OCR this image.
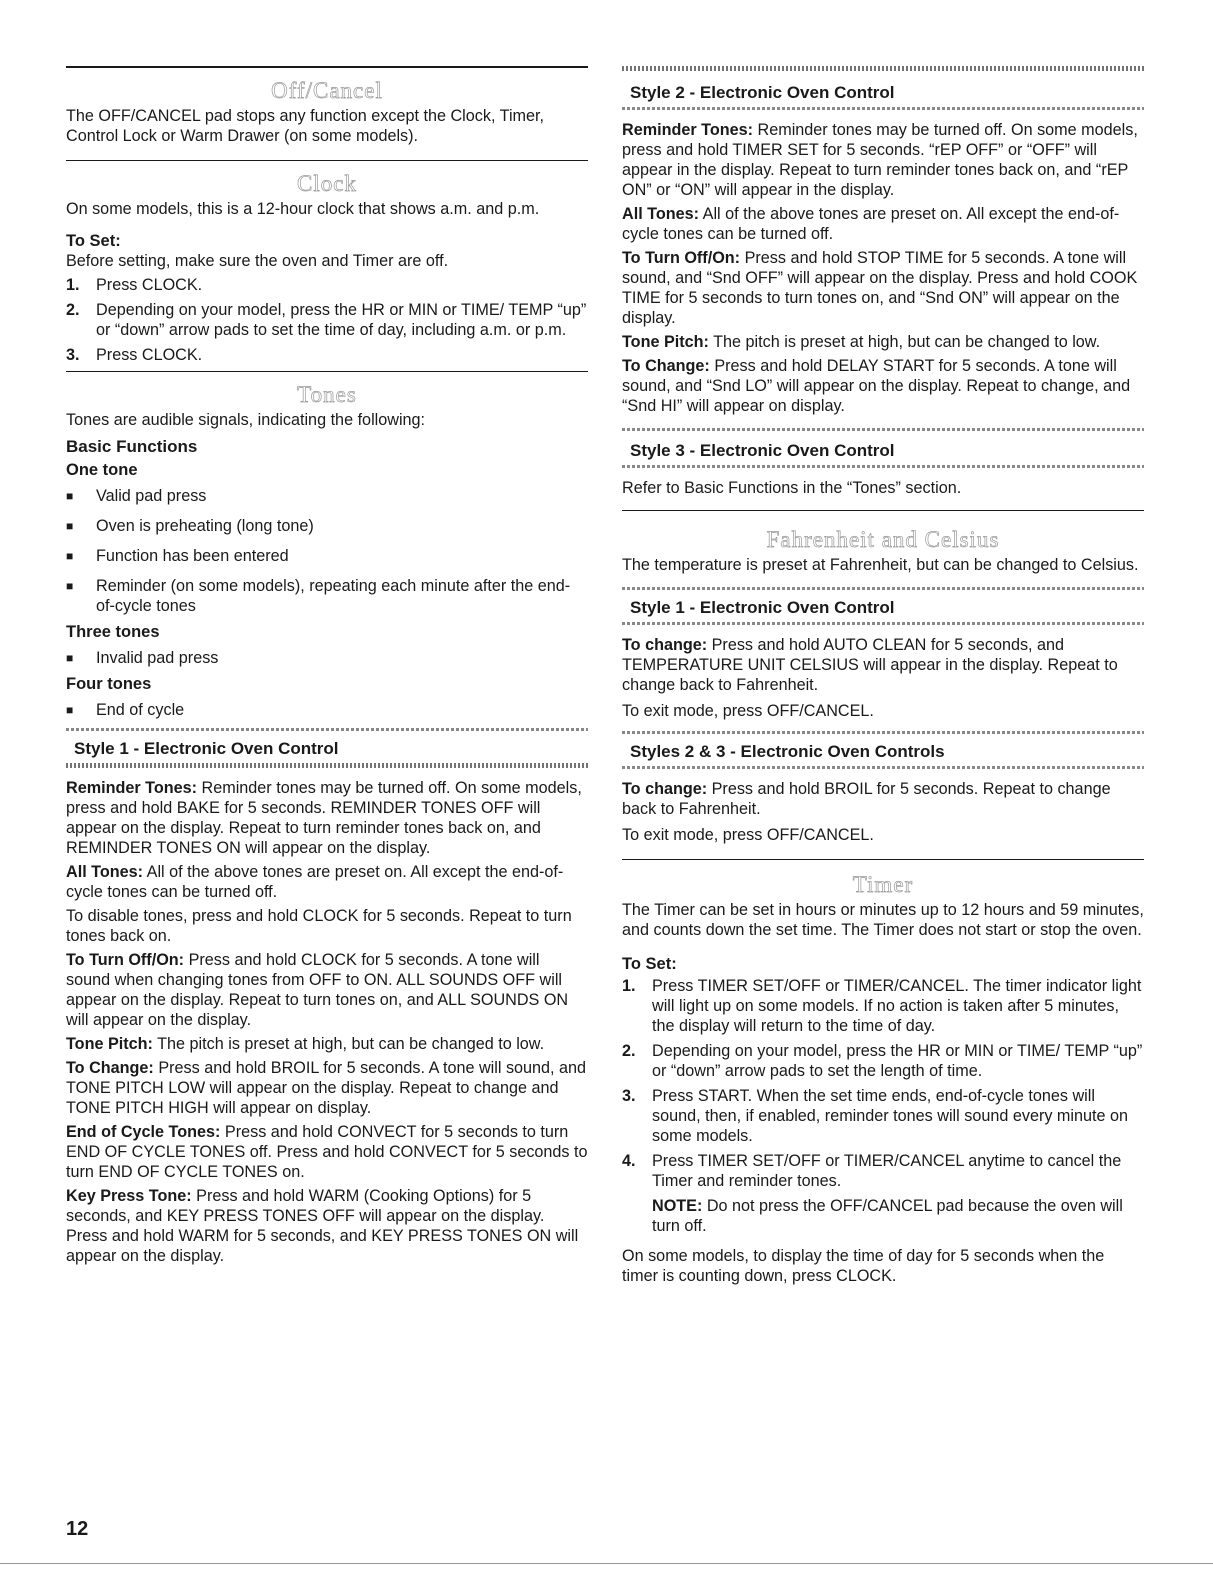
Off/Cancel

The OFF/CANCEL pad stops any function except the Clock, Timer, Control Lock or Warm Drawer (on some models).

Clock

On some models, this is a 12-hour clock that shows a.m. and p.m.

To Set:

Before setting, make sure the oven and Timer are off.

1.	Press CLOCK.
2.	Depending on your model, press the HR or MIN or TIME/ TEMP “up” or “down” arrow pads to set the time of day, including a.m. or p.m.
3.	Press CLOCK.
Tones

Tones are audible signals, indicating the following:

Basic Functions
One tone
■	Valid pad press
■	Oven is preheating (long tone)
■	Function has been entered
■	Reminder (on some models), repeating each minute after the end-of-cycle tones
Three tones
■	Invalid pad press
Four tones
■	End of cycle
Style 1 - Electronic Oven Control

Reminder Tones: Reminder tones may be turned off. On some models, press and hold BAKE for 5 seconds. REMINDER TONES OFF will appear on the display. Repeat to turn reminder tones back on, and REMINDER TONES ON will appear on the display.

All Tones: All of the above tones are preset on. All except the end-of-cycle tones can be turned off.

To disable tones, press and hold CLOCK for 5 seconds. Repeat to turn tones back on.

To Turn Off/On: Press and hold CLOCK for 5 seconds. A tone will sound when changing tones from OFF to ON. ALL SOUNDS OFF will appear on the display. Repeat to turn tones on, and ALL SOUNDS ON will appear on the display.

Tone Pitch: The pitch is preset at high, but can be changed to low.

To Change: Press and hold BROIL for 5 seconds. A tone will sound, and TONE PITCH LOW will appear on the display. Repeat to change and TONE PITCH HIGH will appear on display.

End of Cycle Tones: Press and hold CONVECT for 5 seconds to turn END OF CYCLE TONES off. Press and hold CONVECT for 5 seconds to turn END OF CYCLE TONES on.

Key Press Tone: Press and hold WARM (Cooking Options) for 5 seconds, and KEY PRESS TONES OFF will appear on the display. Press and hold WARM for 5 seconds, and KEY PRESS TONES ON will appear on the display.

Style 2 - Electronic Oven Control

Reminder Tones: Reminder tones may be turned off. On some models, press and hold TIMER SET for 5 seconds. “rEP OFF” or “OFF” will appear in the display. Repeat to turn reminder tones back on, and “rEP ON” or “ON” will appear in the display.

All Tones: All of the above tones are preset on. All except the end-of-cycle tones can be turned off.

To Turn Off/On: Press and hold STOP TIME for 5 seconds. A tone will sound, and “Snd OFF” will appear on the display. Press and hold COOK TIME for 5 seconds to turn tones on, and “Snd ON” will appear on the display.

Tone Pitch: The pitch is preset at high, but can be changed to low.

To Change: Press and hold DELAY START for 5 seconds. A tone will sound, and “Snd LO” will appear on the display. Repeat to change, and “Snd HI” will appear on display.

Style 3 - Electronic Oven Control

Refer to Basic Functions in the “Tones” section.

Fahrenheit and Celsius

The temperature is preset at Fahrenheit, but can be changed to Celsius.

Style 1 - Electronic Oven Control

To change: Press and hold AUTO CLEAN for 5 seconds, and TEMPERATURE UNIT CELSIUS will appear in the display. Repeat to change back to Fahrenheit.

To exit mode, press OFF/CANCEL.

Styles 2 & 3 - Electronic Oven Controls

To change: Press and hold BROIL for 5 seconds. Repeat to change back to Fahrenheit.

To exit mode, press OFF/CANCEL.

Timer

The Timer can be set in hours or minutes up to 12 hours and 59 minutes, and counts down the set time. The Timer does not start or stop the oven.

To Set:
1.	Press TIMER SET/OFF or TIMER/CANCEL. The timer indicator light will light up on some models. If no action is taken after 5 minutes, the display will return to the time of day.
2.	Depending on your model, press the HR or MIN or TIME/ TEMP “up” or “down” arrow pads to set the length of time.
3.	Press START. When the set time ends, end-of-cycle tones will sound, then, if enabled, reminder tones will sound every minute on some models.
4.	Press TIMER SET/OFF or TIMER/CANCEL anytime to cancel the Timer and reminder tones.

NOTE: Do not press the OFF/CANCEL pad because the oven will turn off.

On some models, to display the time of day for 5 seconds when the timer is counting down, press CLOCK.

12
